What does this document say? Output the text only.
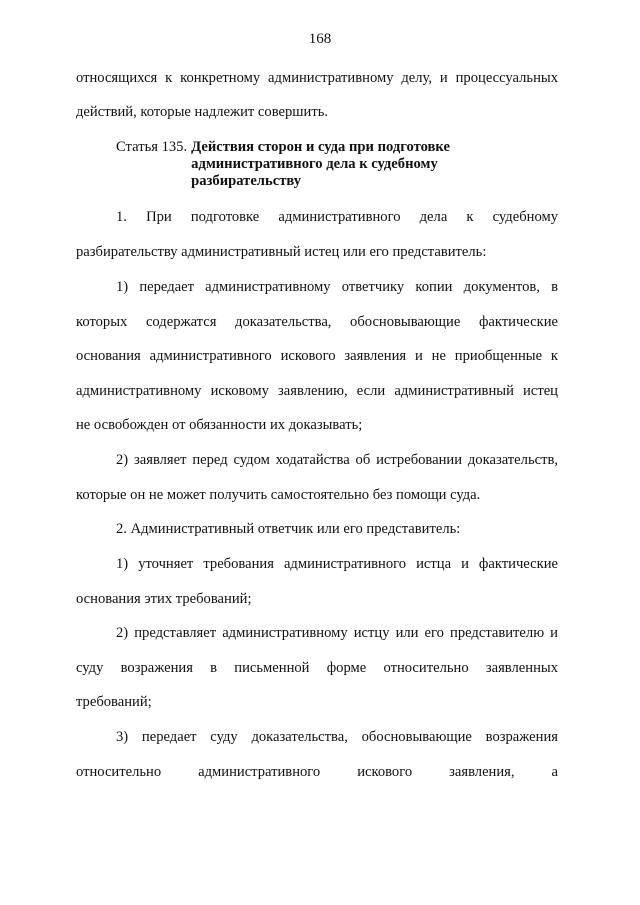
168
относящихся к конкретному административному делу, и процессуальных
действий, которые надлежит совершить.
Статья 135. Действия сторон и суда при подготовке
административного дела к судебному
разбирательству
1. При подготовке административного дела к судебному
разбирательству административный истец или его представитель:
1) передает административному ответчику копии документов, в
которых содержатся доказательства, обосновывающие фактические
основания административного искового заявления и не приобщенные к
административному исковому заявлению, если административный истец
не освобожден от обязанности их доказывать;
2) заявляет перед судом ходатайства об истребовании доказательств,
которые он не может получить самостоятельно без помощи суда.
2. Административный ответчик или его представитель:
1) уточняет требования административного истца и фактические
основания этих требований;
2) представляет административному истцу или его представителю и
суду возражения в письменной форме относительно заявленных
требований;
3) передает суду доказательства, обосновывающие возражения
относительно административного искового заявления, а
